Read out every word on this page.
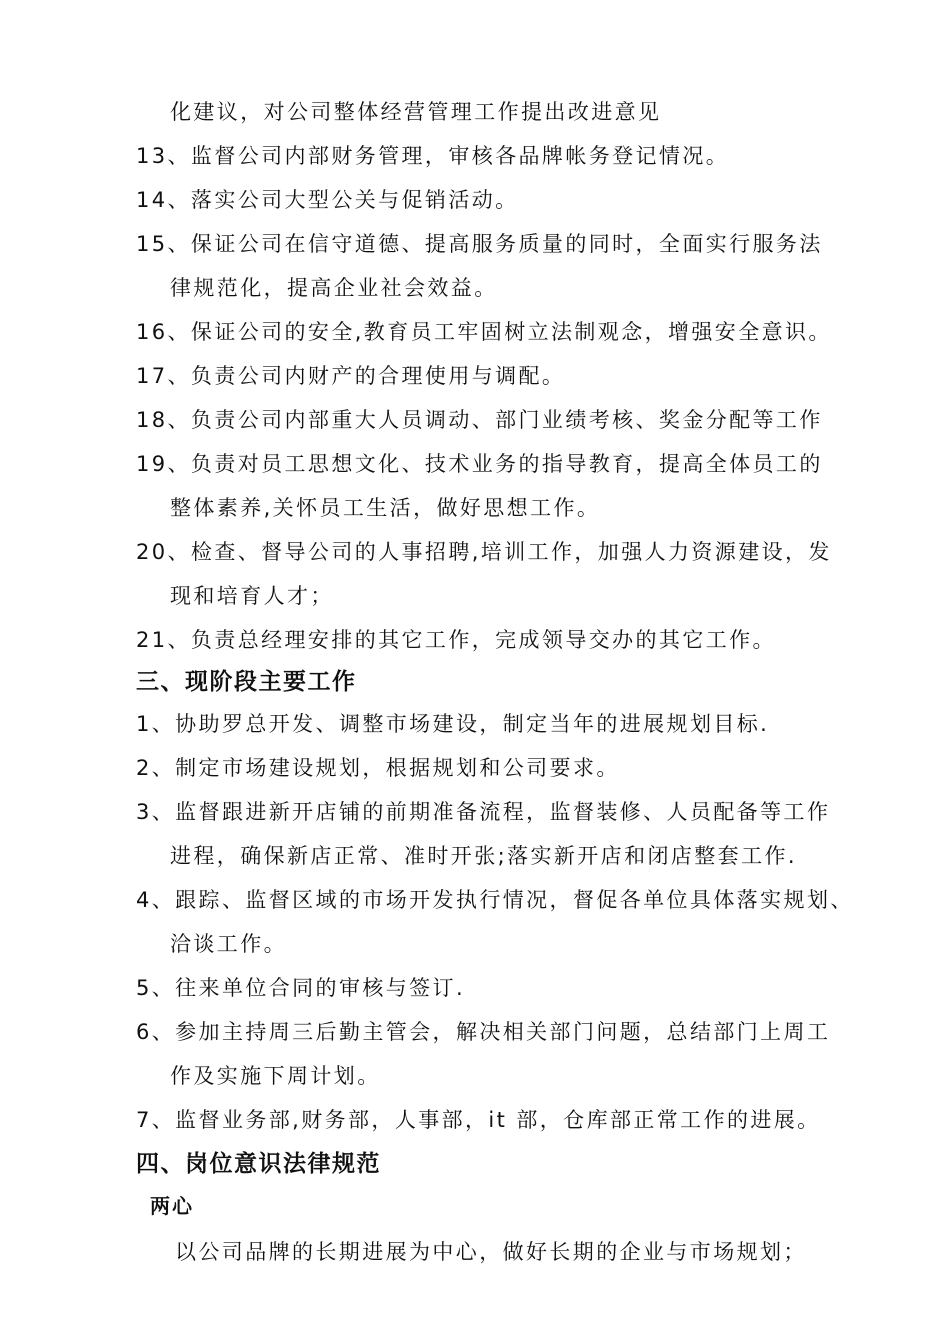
化建议，对公司整体经营管理工作提出改进意见
13、监督公司内部财务管理，审核各品牌帐务登记情况。
14、落实公司大型公关与促销活动。
15、保证公司在信守道德、提高服务质量的同时，全面实行服务法
律规范化，提高企业社会效益。
16、保证公司的安全,教育员工牢固树立法制观念，增强安全意识。
17、负责公司内财产的合理使用与调配。
18、负责公司内部重大人员调动、部门业绩考核、奖金分配等工作
19、负责对员工思想文化、技术业务的指导教育，提高全体员工的
整体素养,关怀员工生活，做好思想工作。
20、检查、督导公司的人事招聘,培训工作，加强人力资源建设，发
现和培育人才；
21、负责总经理安排的其它工作，完成领导交办的其它工作。
三、现阶段主要工作
1、协助罗总开发、调整市场建设，制定当年的进展规划目标.
2、制定市场建设规划，根据规划和公司要求。
3、监督跟进新开店铺的前期准备流程，监督装修、人员配备等工作
进程，确保新店正常、准时开张;落实新开店和闭店整套工作.
4、跟踪、监督区域的市场开发执行情况，督促各单位具体落实规划、
洽谈工作。
5、往来单位合同的审核与签订.
6、参加主持周三后勤主管会，解决相关部门问题，总结部门上周工
作及实施下周计划。
7、监督业务部,财务部，人事部，it 部，仓库部正常工作的进展。
四、岗位意识法律规范
两心
以公司品牌的长期进展为中心，做好长期的企业与市场规划；
